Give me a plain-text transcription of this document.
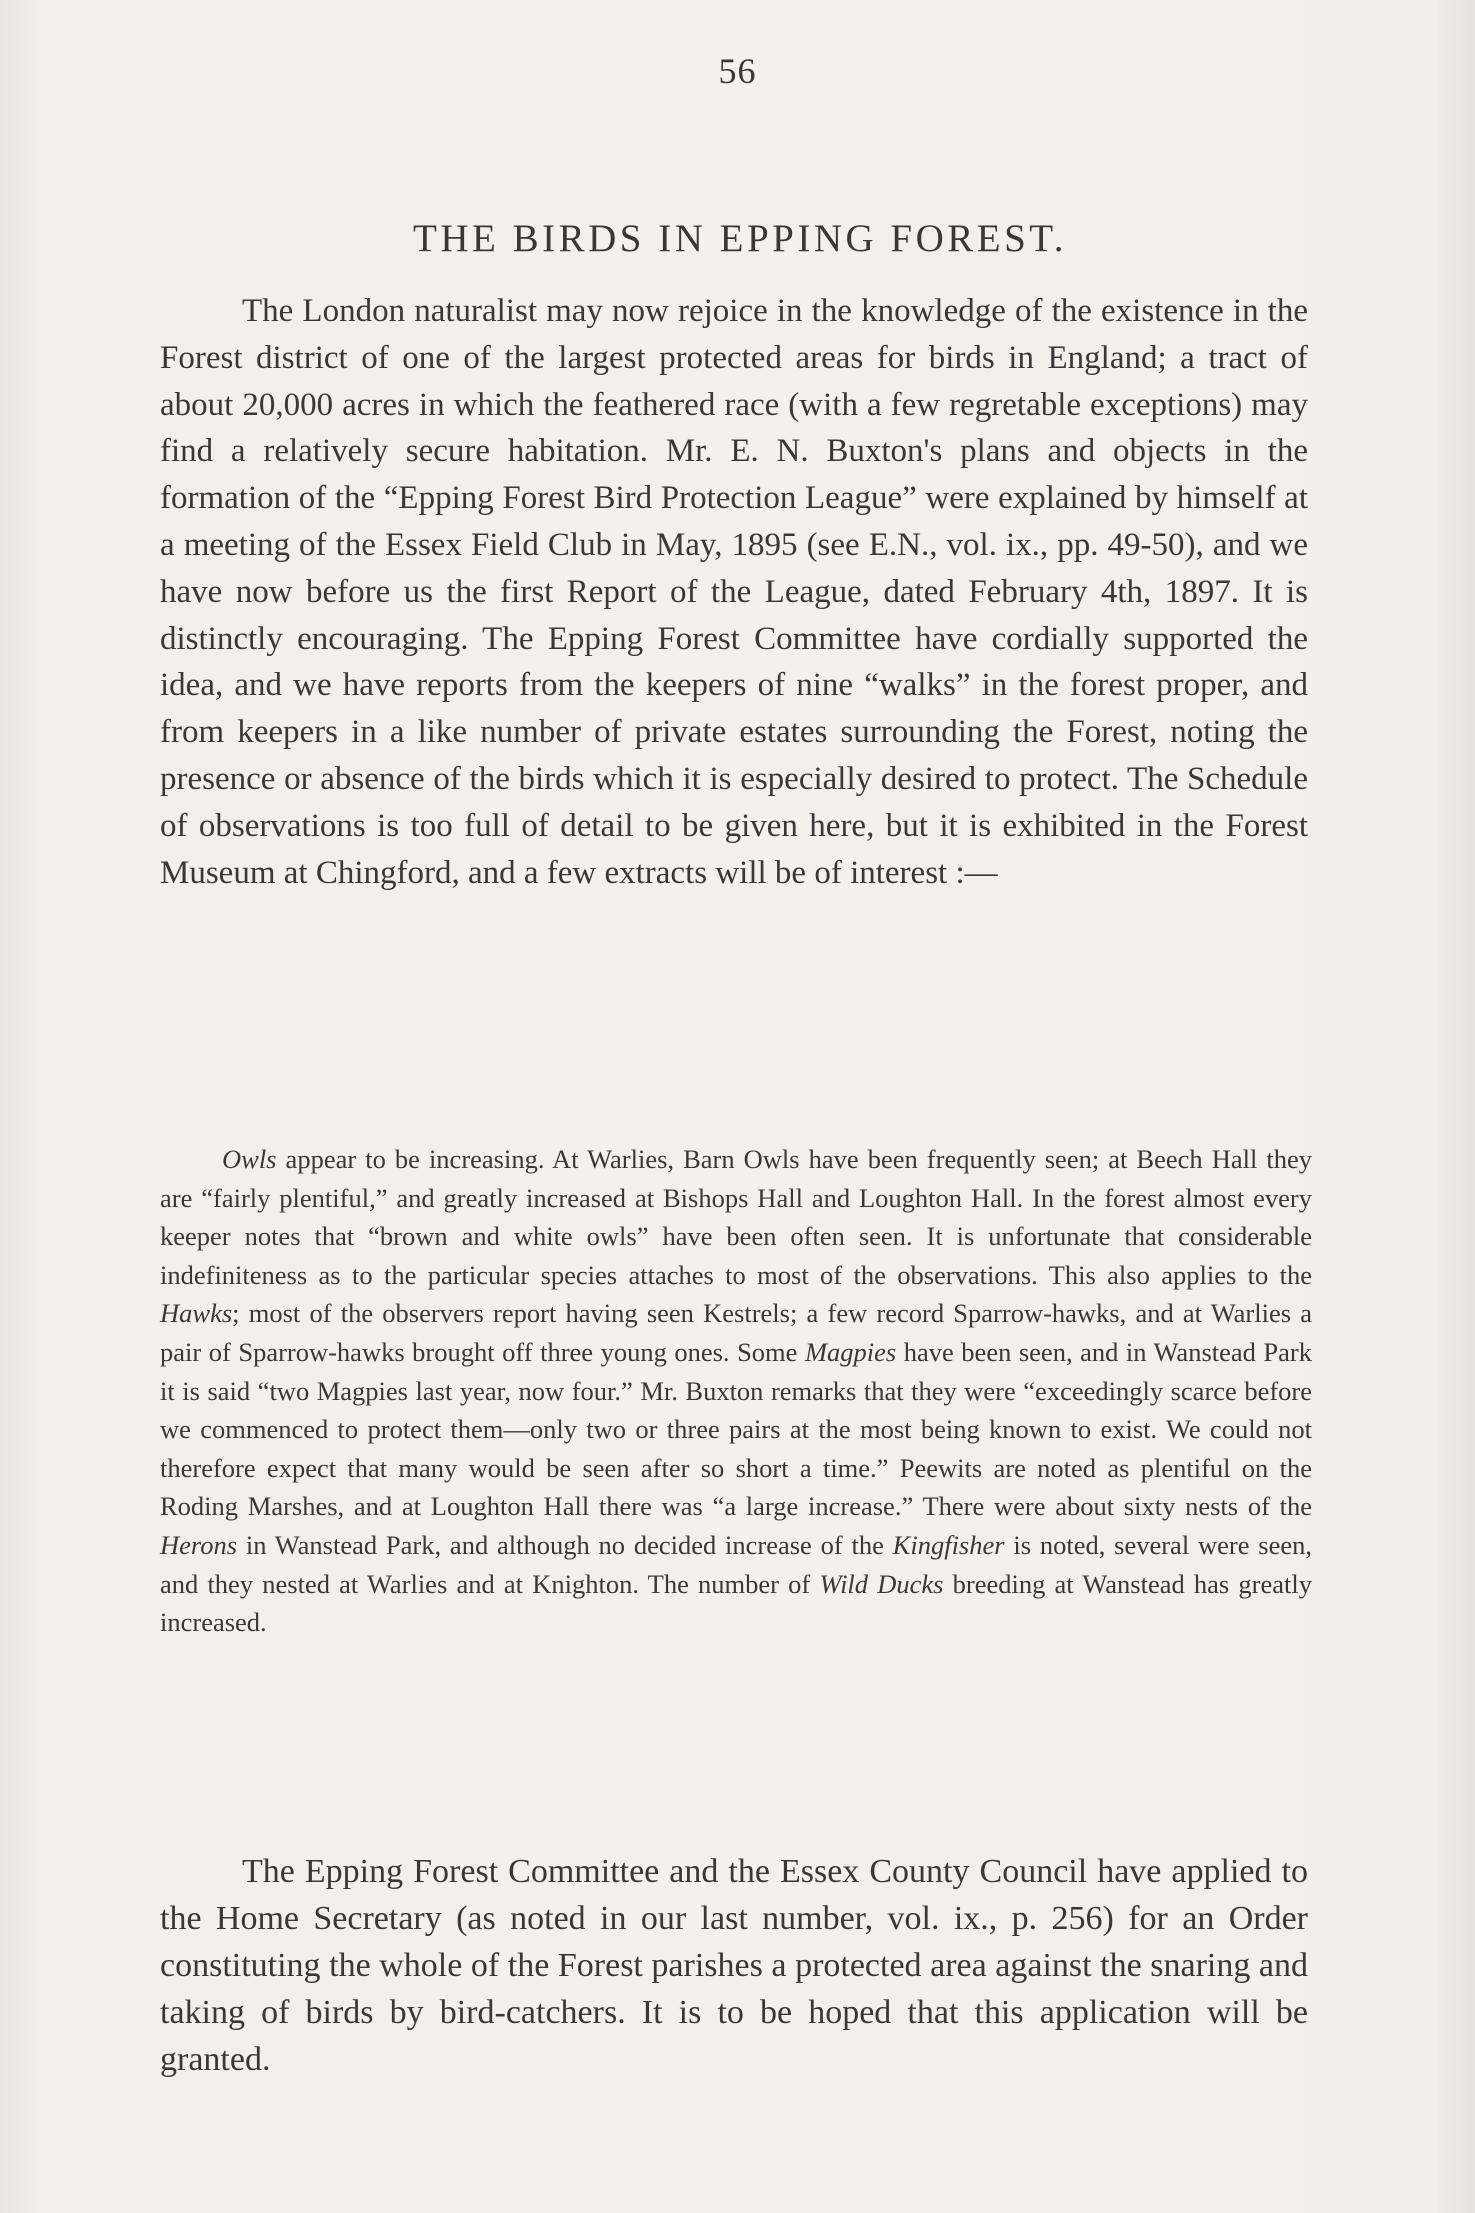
56
THE BIRDS IN EPPING FOREST.

The London naturalist may now rejoice in the knowledge of the existence in the Forest district of one of the largest protected areas for birds in England; a tract of about 20,000 acres in which the feathered race (with a few regretable exceptions) may find a relatively secure habitation. Mr. E. N. Buxton's plans and objects in the formation of the “Epping Forest Bird Protection League” were explained by himself at a meeting of the Essex Field Club in May, 1895 (see E.N., vol. ix., pp. 49-50), and we have now before us the first Report of the League, dated February 4th, 1897. It is distinctly encouraging. The Epping Forest Committee have cordially supported the idea, and we have reports from the keepers of nine “walks” in the forest proper, and from keepers in a like number of private estates surrounding the Forest, noting the presence or absence of the birds which it is especially desired to protect. The Schedule of observations is too full of detail to be given here, but it is exhibited in the Forest Museum at Chingford, and a few extracts will be of interest :—

Owls appear to be increasing. At Warlies, Barn Owls have been frequently seen; at Beech Hall they are “fairly plentiful,” and greatly increased at Bishops Hall and Loughton Hall. In the forest almost every keeper notes that “brown and white owls” have been often seen. It is unfortunate that considerable indefiniteness as to the particular species attaches to most of the observations. This also applies to the Hawks; most of the observers report having seen Kestrels; a few record Sparrow-hawks, and at Warlies a pair of Sparrow-hawks brought off three young ones. Some Magpies have been seen, and in Wanstead Park it is said “two Magpies last year, now four.” Mr. Buxton remarks that they were “exceedingly scarce before we commenced to protect them—only two or three pairs at the most being known to exist. We could not therefore expect that many would be seen after so short a time.” Peewits are noted as plentiful on the Roding Marshes, and at Loughton Hall there was “a large increase.” There were about sixty nests of the Herons in Wanstead Park, and although no decided increase of the Kingfisher is noted, several were seen, and they nested at Warlies and at Knighton. The number of Wild Ducks breeding at Wanstead has greatly increased.

The Epping Forest Committee and the Essex County Council have applied to the Home Secretary (as noted in our last number, vol. ix., p. 256) for an Order constituting the whole of the Forest parishes a protected area against the snaring and taking of birds by bird-catchers. It is to be hoped that this application will be granted.
